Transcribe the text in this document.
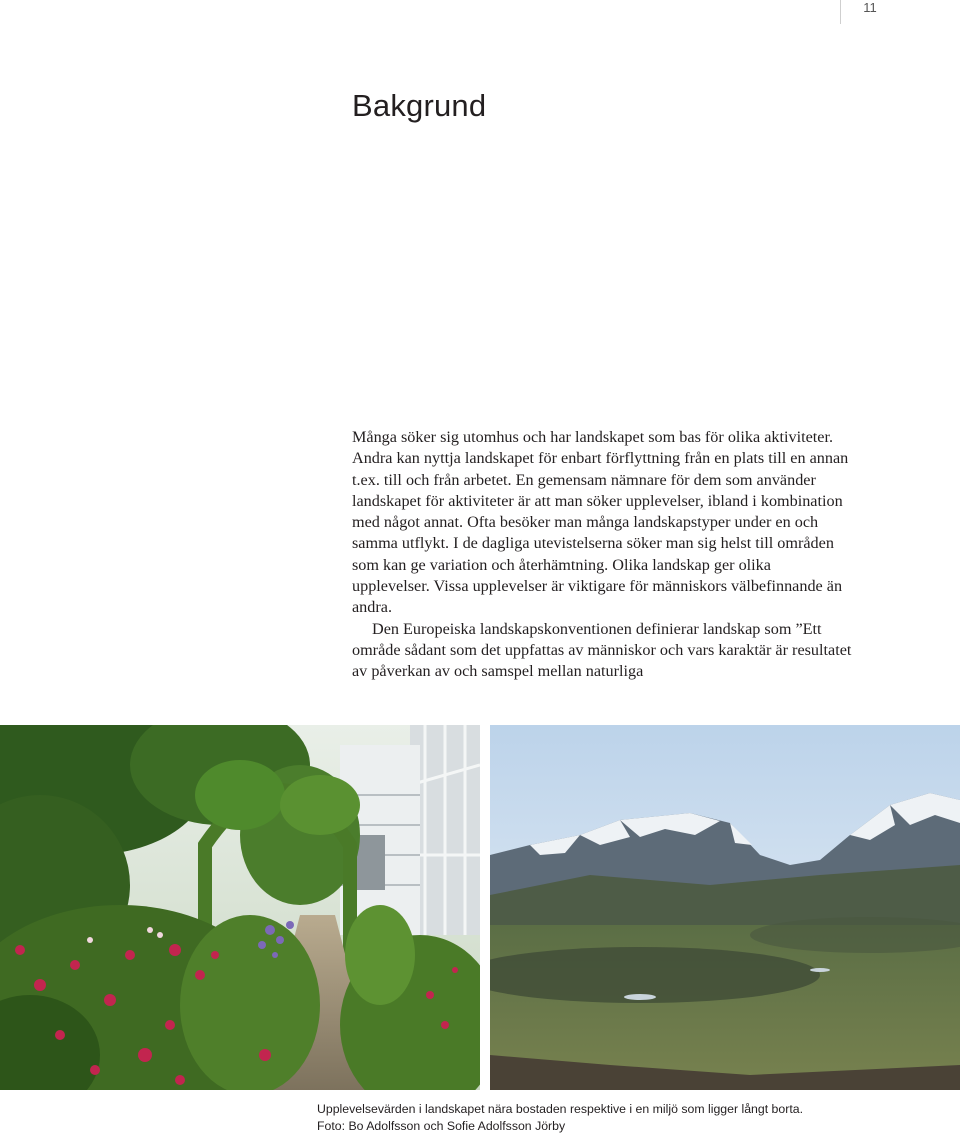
11
Bakgrund

Många söker sig utomhus och har landskapet som bas för olika aktiviteter. Andra kan nyttja landskapet för enbart förflyttning från en plats till en annan t.ex. till och från arbetet. En gemensam nämnare för dem som använder landskapet för aktiviteter är att man söker upplevelser, ibland i kombination med något annat. Ofta besöker man många landskapstyper under en och samma utflykt. I de dagliga utevistelserna söker man sig helst till områden som kan ge variation och återhämtning. Olika landskap ger olika upplevelser. Vissa upplevelser är viktigare för människors välbefinnande än andra.

Den Europeiska landskapskonventionen definierar landskap som ”Ett område sådant som det uppfattas av människor och vars karaktär är resultatet av påverkan av och samspel mellan naturliga

Upplevelsevärden i landskapet nära bostaden respektive i en miljö som ligger långt borta.
Foto: Bo Adolfsson och Sofie Adolfsson Jörby
